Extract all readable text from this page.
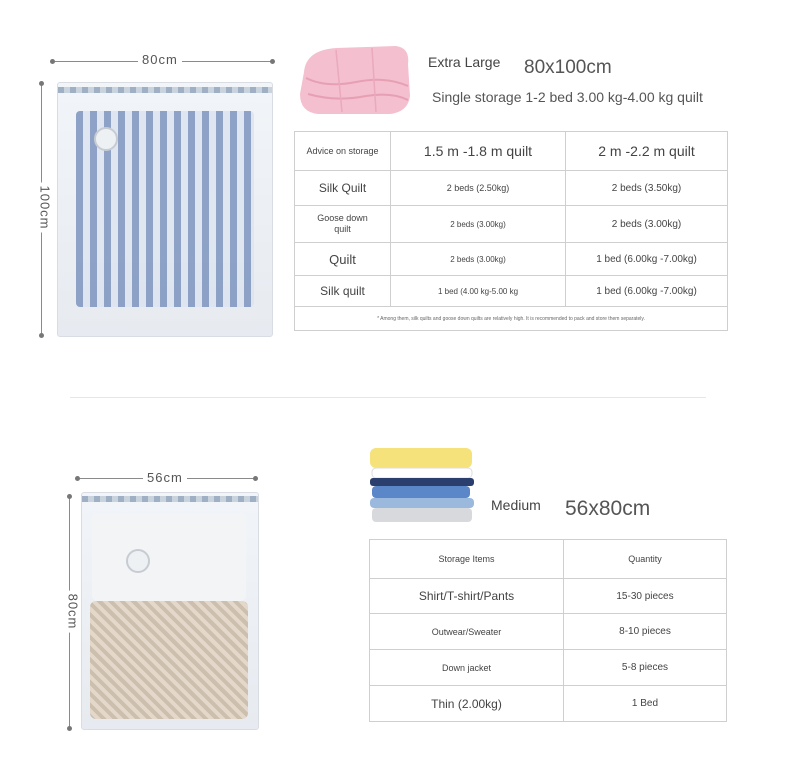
80cm
100cm
Extra Large 80x100cm
Single storage 1-2 bed 3.00 kg-4.00 kg quilt
Advice on storage	1.5 m -1.8 m quilt	2 m -2.2 m quilt
Silk Quilt	2 beds (2.50kg)	2 beds (3.50kg)
Goose down quilt	2 beds (3.00kg)	2 beds (3.00kg)
Quilt	2 beds (3.00kg)	1 bed (6.00kg -7.00kg)
Silk quilt	1 bed (4.00 kg-5.00 kg	1 bed (6.00kg -7.00kg)
* Among them, silk quilts and goose down quilts are relatively high. It is recommended to pack and store them separately.		
56cm
80cm
Medium 56x80cm
Storage Items	Quantity
Shirt/T-shirt/Pants	15-30 pieces
Outwear/Sweater	8-10 pieces
Down jacket	5-8 pieces
Thin (2.00kg)	1 Bed
